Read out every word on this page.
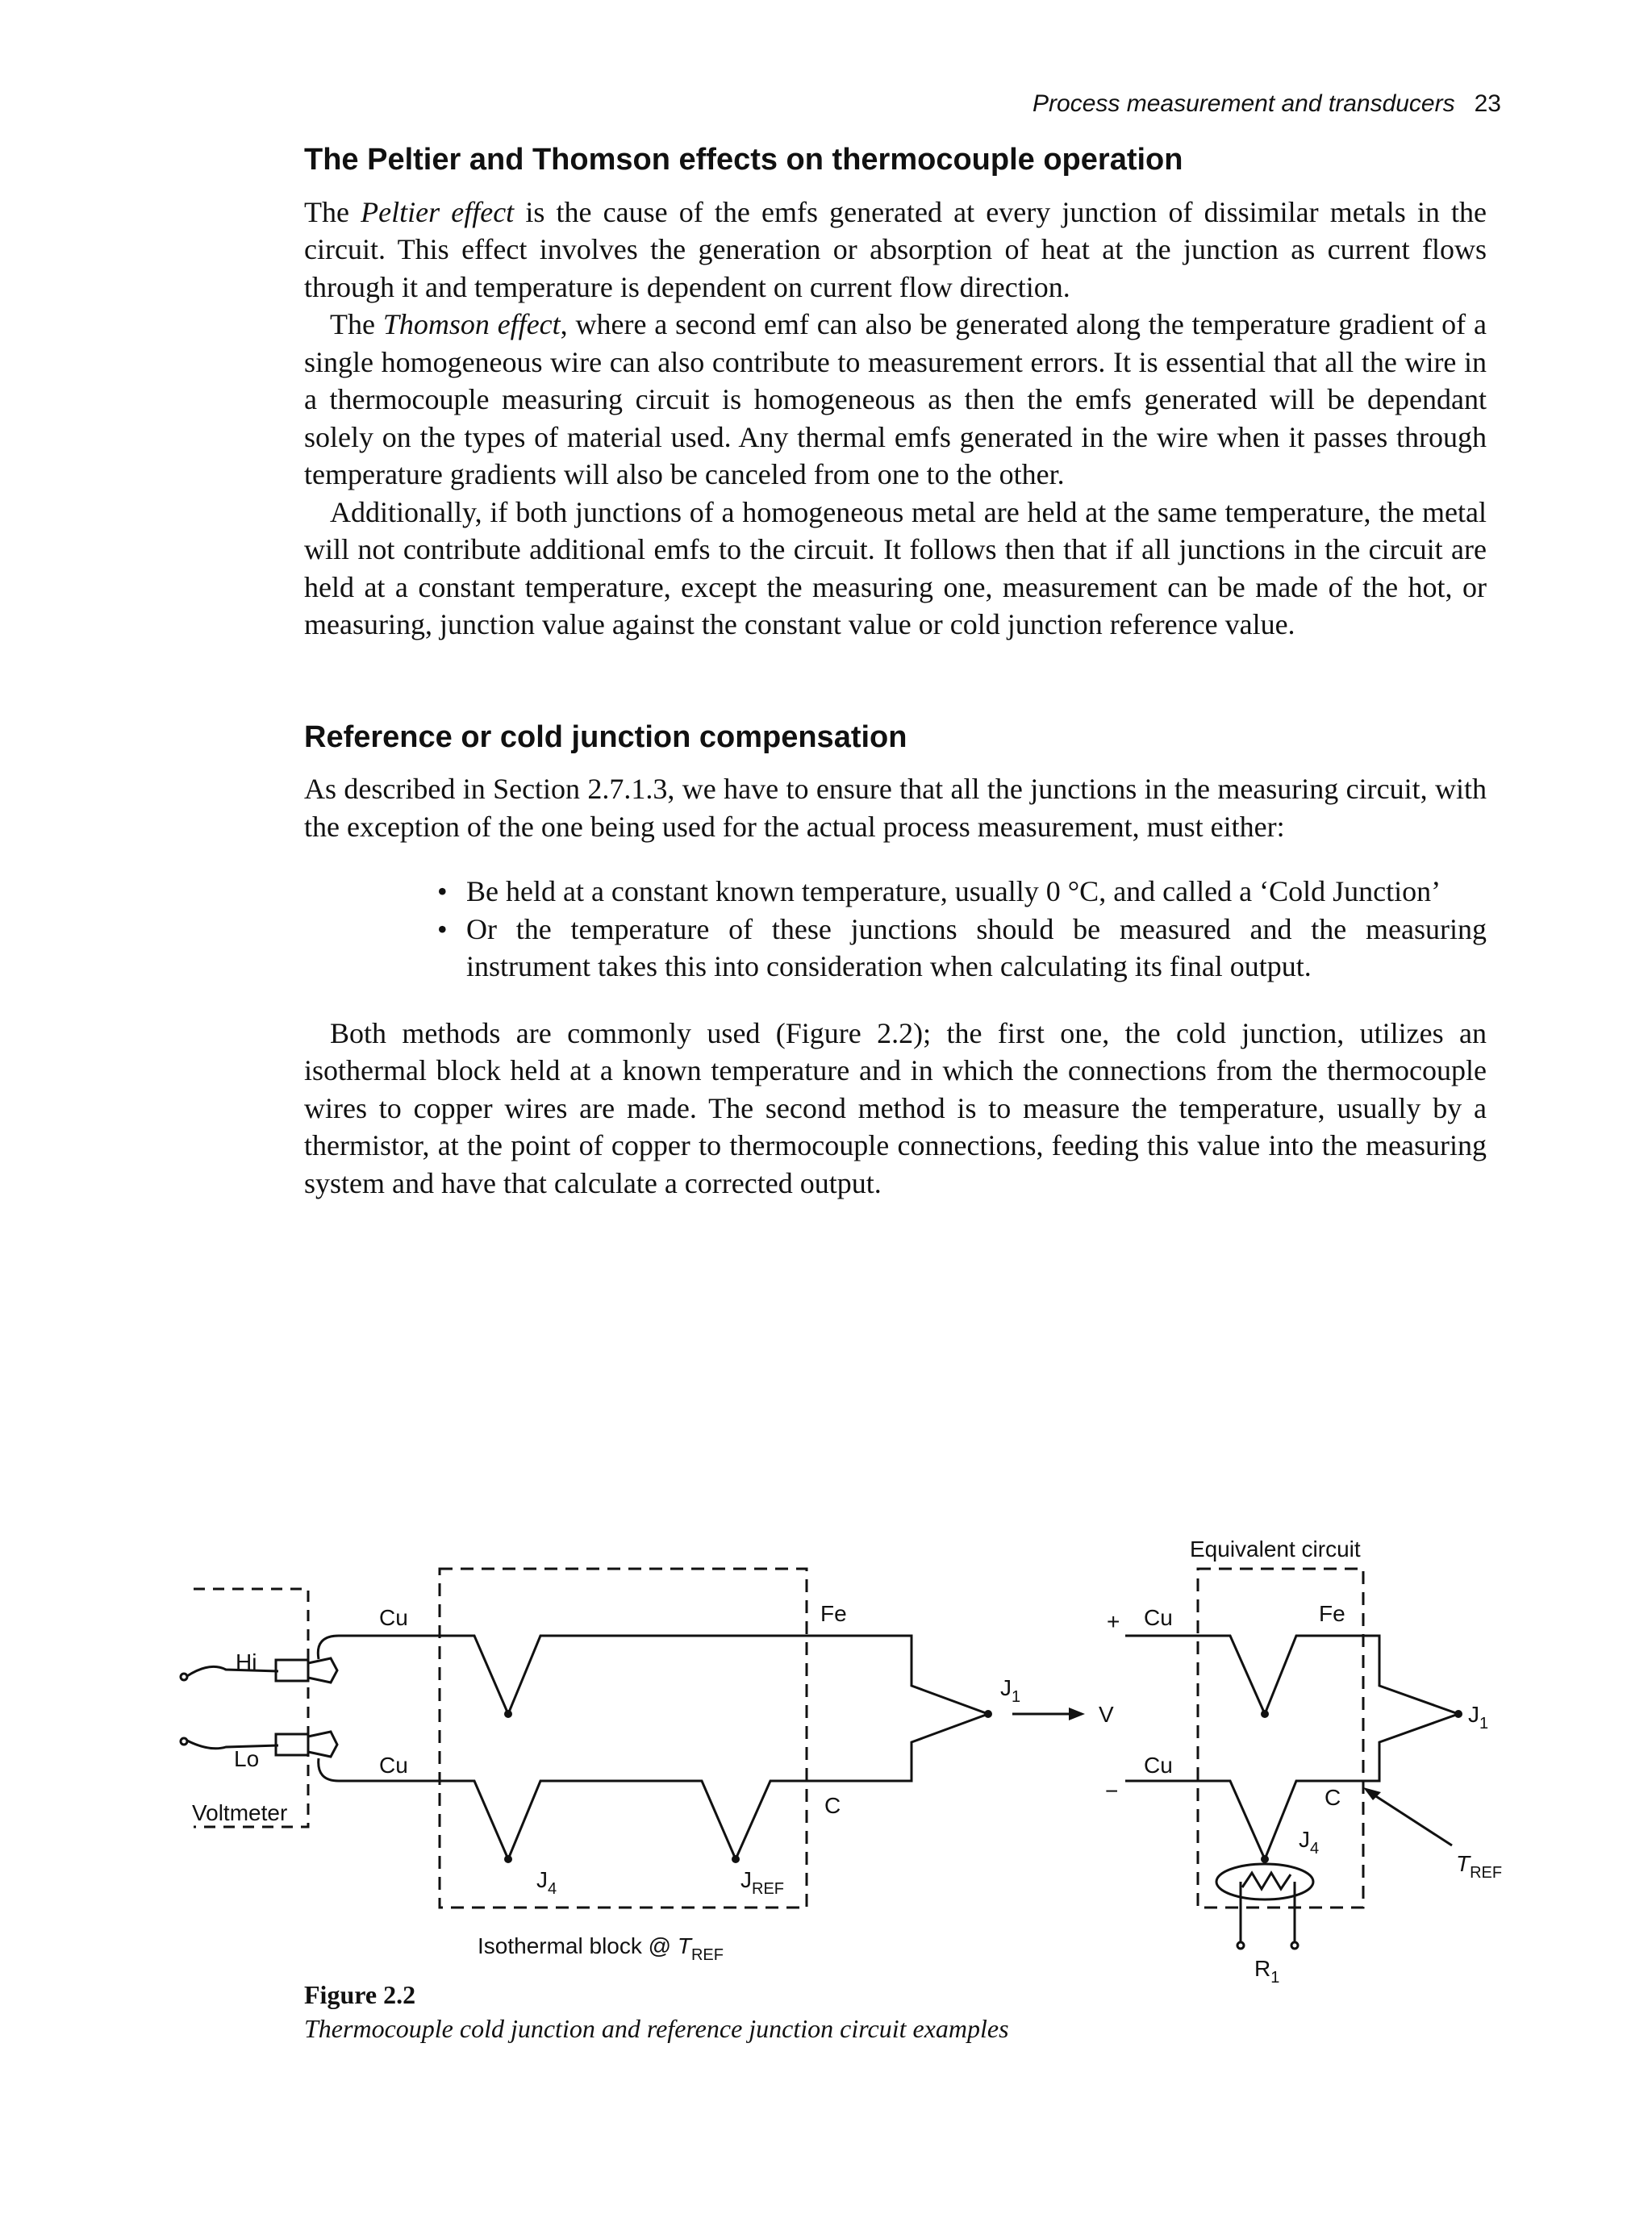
Process measurement and transducers 23
The Peltier and Thomson effects on thermocouple operation

The Peltier effect is the cause of the emfs generated at every junction of dissimilar metals in the circuit. This effect involves the generation or absorption of heat at the junction as current flows through it and temperature is dependent on current flow direction.

The Thomson effect, where a second emf can also be generated along the temperature gradient of a single homogeneous wire can also contribute to measurement errors. It is essential that all the wire in a thermocouple measuring circuit is homogeneous as then the emfs generated will be dependant solely on the types of material used. Any thermal emfs generated in the wire when it passes through temperature gradients will also be canceled from one to the other.

Additionally, if both junctions of a homogeneous metal are held at the same temperature, the metal will not contribute additional emfs to the circuit. It follows then that if all junctions in the circuit are held at a constant temperature, except the measuring one, measurement can be made of the hot, or measuring, junction value against the constant value or cold junction reference value.

Reference or cold junction compensation

As described in Section 2.7.1.3, we have to ensure that all the junctions in the measuring circuit, with the exception of the one being used for the actual process measurement, must either:

• Be held at a constant known temperature, usually 0 °C, and called a ‘Cold Junction’
• Or the temperature of these junctions should be measured and the measuring instrument takes this into consideration when calculating its final output.

Both methods are commonly used (Figure 2.2); the first one, the cold junction, utilizes an isothermal block held at a known temperature and in which the connections from the thermocouple wires to copper wires are made. The second method is to measure the temperature, usually by a thermistor, at the point of copper to thermocouple connections, feeding this value into the measuring system and have that calculate a corrected output.

Hi
Lo
Voltmeter
Cu
Cu
Fe
C
$J_1$
$J_4$	$J_{REF}$
Isothermal block @ $T_{REF}$
Equivalent circuit
+ Cu	Fe
V
Cu
−	C
$J_1$
$J_4$
$T_{REF}$
$R_1$
Figure 2.2
Thermocouple cold junction and reference junction circuit examples
